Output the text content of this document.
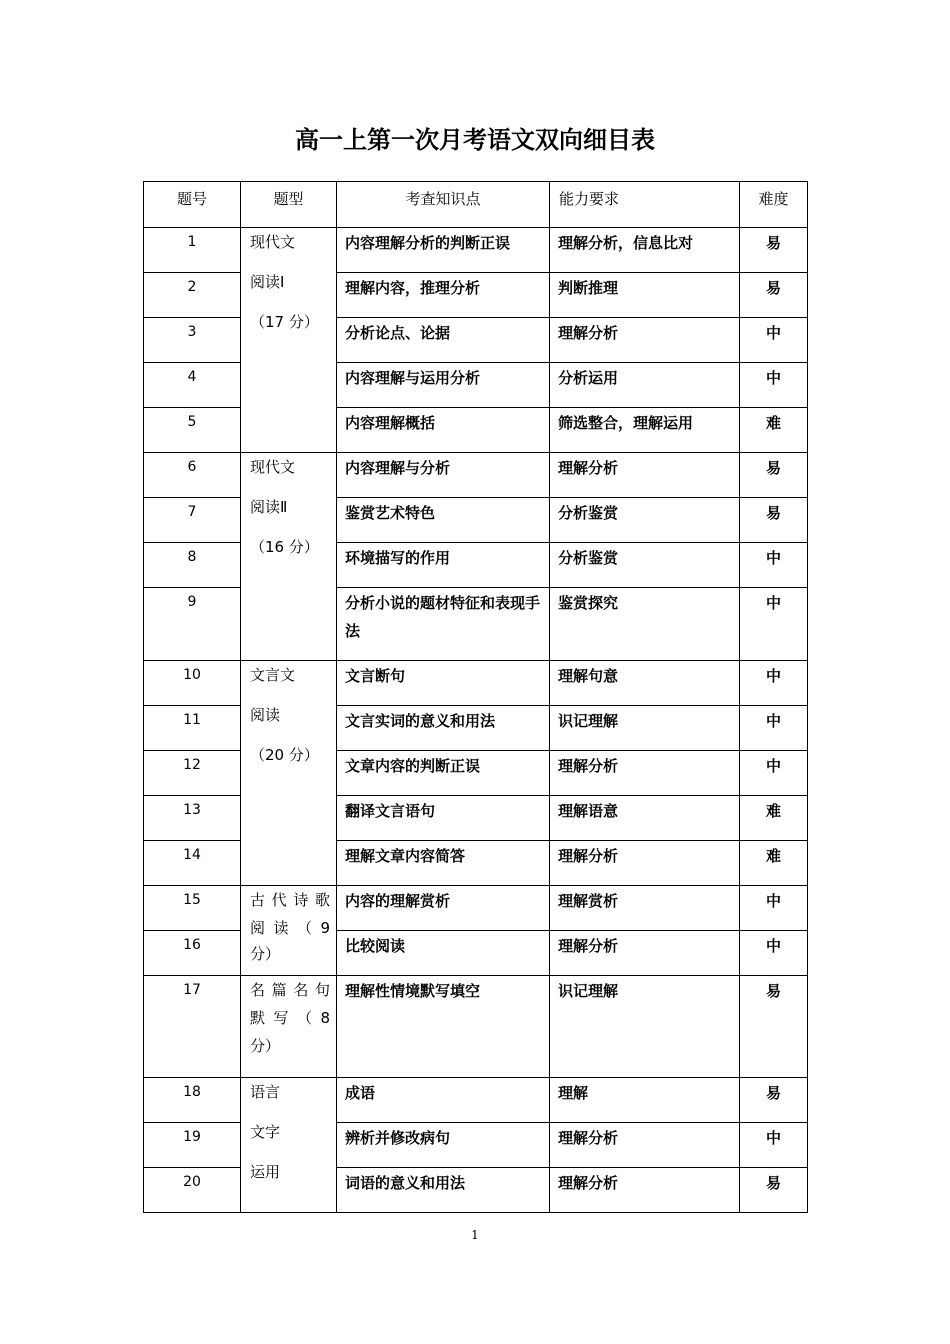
高一上第一次月考语文双向细目表
题号	题型	考查知识点	能力要求	难度
1	现代文
阅读Ⅰ
（17 分）	内容理解分析的判断正误	理解分析，信息比对	易
2		理解内容，推理分析	判断推理	易
3		分析论点、论据	理解分析	中
4		内容理解与运用分析	分析运用	中
5		内容理解概括	筛选整合，理解运用	难
6	现代文
阅读Ⅱ
（16 分）	内容理解与分析	理解分析	易
7		鉴赏艺术特色	分析鉴赏	易
8		环境描写的作用	分析鉴赏	中
9		分析小说的题材特征和表现手法	鉴赏探究	中
10	文言文
阅读
（20 分）	文言断句	理解句意	中
11		文言实词的意义和用法	识记理解	中
12		文章内容的判断正误	理解分析	中
13		翻译文言语句	理解语意	难
14		理解文章内容简答	理解分析	难
15	古代诗歌
阅读（9
分）	内容的理解赏析	理解赏析	中
16		比较阅读	理解分析	中
17	名篇名句
默写（8
分）	理解性情境默写填空	识记理解	易
18	语言
文字
运用	成语	理解	易
19		辨析并修改病句	理解分析	中
20		词语的意义和用法	理解分析	易
1
